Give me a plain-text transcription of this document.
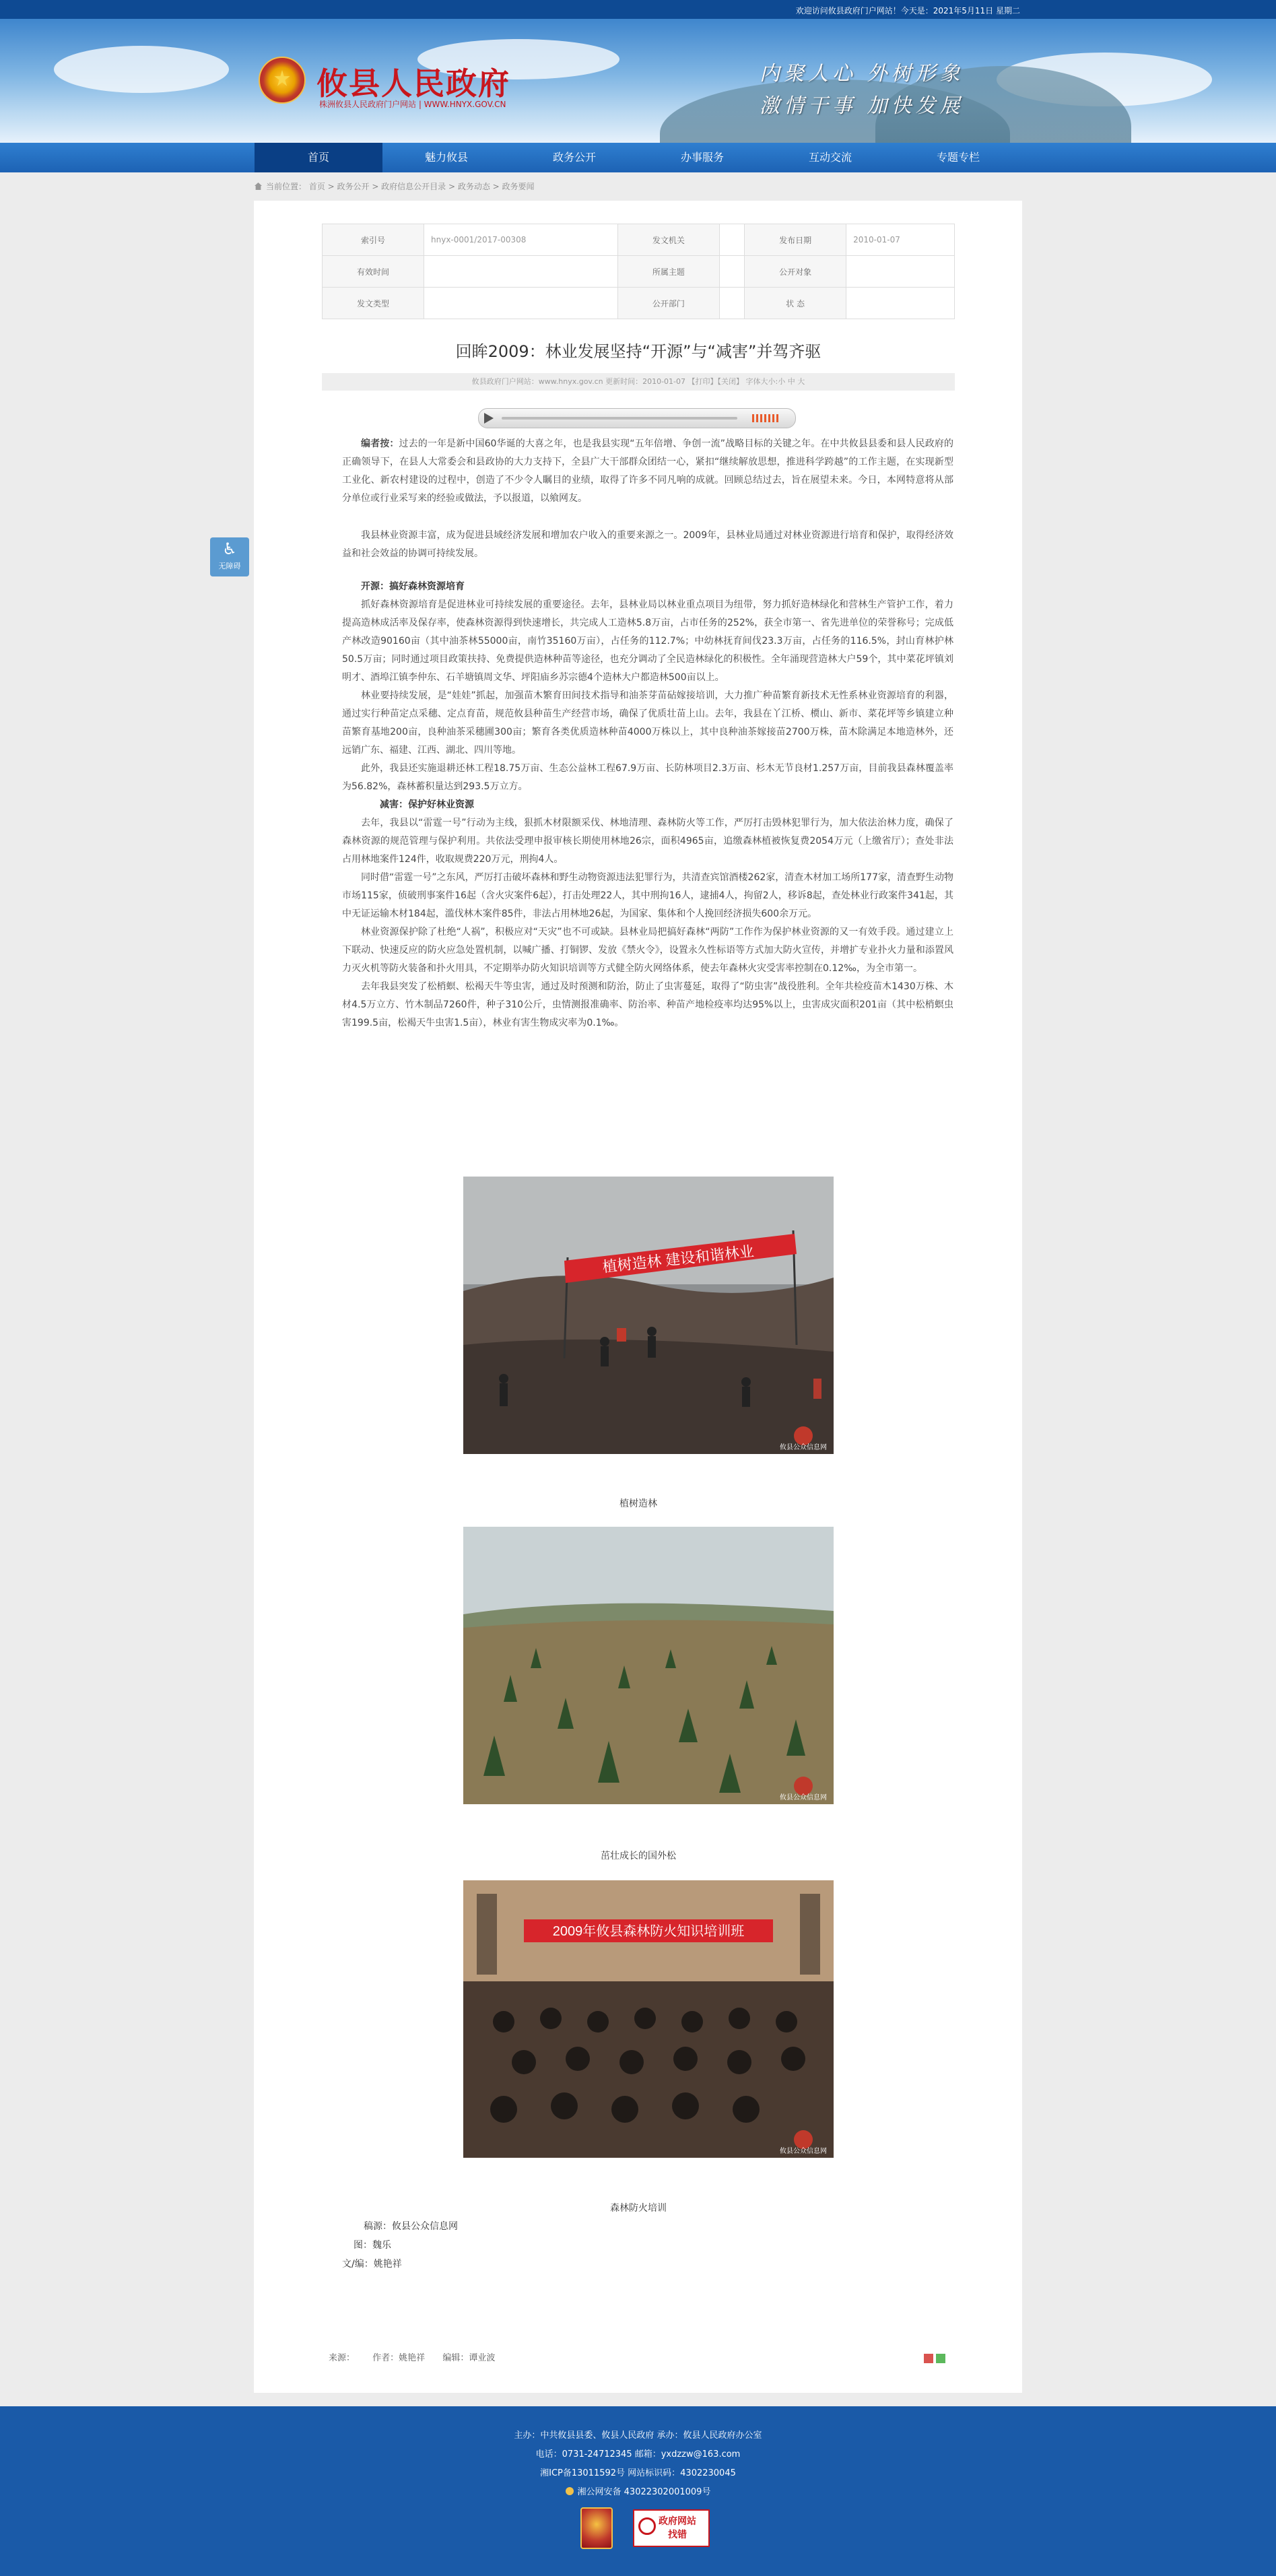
欢迎访问攸县政府门户网站！今天是：2021年5月11日 星期二
攸县人民政府
株洲攸县人民政府门户网站 | WWW.HNYX.GOV.CN
内聚人心 外树形象
激情干事 加快发展
首页	魅力攸县	政务公开	办事服务	互动交流	专题专栏
当前位置： 首页 > 政务公开 > 政府信息公开目录 > 政务动态 > 政务要闻
♿
无障碍
索引号	hnyx-0001/2017-00308	发文机关		发布日期	2010-01-07
有效时间		所属主题		公开对象	
发文类型		公开部门		状 态	
回眸2009：林业发展坚持“开源”与“减害”并驾齐驱
攸县政府门户网站：www.hnyx.gov.cn 更新时间：2010-01-07 【打印】【关闭】 字体大小:小 中 大

编者按：过去的一年是新中国60华诞的大喜之年，也是我县实现“五年倍增、争创一流”战略目标的关键之年。在中共攸县县委和县人民政府的正确领导下，在县人大常委会和县政协的大力支持下，全县广大干部群众团结一心，紧扣“继续解放思想，推进科学跨越”的工作主题，在实现新型工业化、新农村建设的过程中，创造了不少令人瞩目的业绩，取得了许多不同凡响的成就。回顾总结过去，旨在展望未来。今日，本网特意将从部分单位或行业采写来的经验或做法，予以报道，以飨网友。

我县林业资源丰富，成为促进县域经济发展和增加农户收入的重要来源之一。2009年，县林业局通过对林业资源进行培育和保护，取得经济效益和社会效益的协调可持续发展。

开源：搞好森林资源培育

抓好森林资源培育是促进林业可持续发展的重要途径。去年，县林业局以林业重点项目为纽带，努力抓好造林绿化和营林生产管护工作，着力提高造林成活率及保存率，使森林资源得到快速增长，共完成人工造林5.8万亩，占市任务的252%，获全市第一、省先进单位的荣誉称号；完成低产林改造90160亩（其中油茶林55000亩，南竹35160万亩），占任务的112.7%；中幼林抚育间伐23.3万亩，占任务的116.5%，封山育林护林50.5万亩；同时通过项目政策扶持、免费提供造林种苗等途径，也充分调动了全民造林绿化的积极性。全年涌现营造林大户59个，其中菜花坪镇刘明才、酒埠江镇李仲东、石羊塘镇周文华、坪阳庙乡苏宗德4个造林大户都造林500亩以上。

林业要持续发展，是“娃娃”抓起，加强苗木繁育田间技术指导和油茶芽苗砧嫁接培训，大力推广种苗繁育新技术无性系林业资源培育的利器，通过实行种苗定点采穗、定点育苗，规范攸县种苗生产经营市场，确保了优质壮苗上山。去年，我县在丫江桥、槚山、新市、菜花坪等乡镇建立种苗繁育基地200亩，良种油茶采穗圃300亩；繁育各类优质造林种苗4000万株以上，其中良种油茶嫁接苗2700万株，苗木除满足本地造林外，还远销广东、福建、江西、湖北、四川等地。

此外，我县还实施退耕还林工程18.75万亩、生态公益林工程67.9万亩、长防林项目2.3万亩、杉木无节良材1.257万亩，目前我县森林覆盖率为56.82%，森林蓄积量达到293.5万立方。

减害：保护好林业资源

去年，我县以“雷霆一号”行动为主线，狠抓木材限额采伐、林地清理、森林防火等工作，严厉打击毁林犯罪行为，加大依法治林力度，确保了森林资源的规范管理与保护利用。共依法受理申报审核长期使用林地26宗，面积4965亩，追缴森林植被恢复费2054万元（上缴省厅）；查处非法占用林地案件124件，收取规费220万元，刑拘4人。

同时借“雷霆一号”之东风，严厉打击破坏森林和野生动物资源违法犯罪行为，共清查宾馆酒楼262家，清查木材加工场所177家，清查野生动物市场115家，侦破刑事案件16起（含火灾案件6起），打击处理22人，其中刑拘16人，逮捕4人，拘留2人，移诉8起，查处林业行政案件341起，其中无证运输木材184起，滥伐林木案件85件，非法占用林地26起，为国家、集体和个人挽回经济损失600余万元。

林业资源保护除了杜绝“人祸”，积极应对“天灾”也不可或缺。县林业局把搞好森林“两防”工作作为保护林业资源的又一有效手段。通过建立上下联动、快速反应的防火应急处置机制，以喊广播、打铜锣、发放《禁火令》，设置永久性标语等方式加大防火宣传，并增扩专业扑火力量和添置风力灭火机等防火装备和扑火用具，不定期举办防火知识培训等方式健全防火网络体系，使去年森林火灾受害率控制在0.12‰，为全市第一。

去年我县突发了松梢螟、松褐天牛等虫害，通过及时预测和防治，防止了虫害蔓延，取得了“防虫害”战役胜利。全年共检疫苗木1430万株、木材4.5万立方、竹木制品7260件，种子310公斤，虫情测报准确率、防治率、种苗产地检疫率均达95%以上，虫害成灾面积201亩（其中松梢螟虫害199.5亩，松褐天牛虫害1.5亩），林业有害生物成灾率为0.1‰。

植树造林 建设和谐林业
攸县公众信息网
植树造林
攸县公众信息网
茁壮成长的国外松
2009年攸县森林防火知识培训班
攸县公众信息网
森林防火培训
稿源：攸县公众信息网
图：魏乐
文/编：姚艳祥
来源： 作者：姚艳祥 编辑：谭业波
主办：中共攸县县委、攸县人民政府 承办：攸县人民政府办公室
电话：0731-24712345 邮箱：yxdzzw@163.com
湘ICP备13011592号 网站标识码：4302230045
湘公网安备 43022302001009号
政府网站
找错
